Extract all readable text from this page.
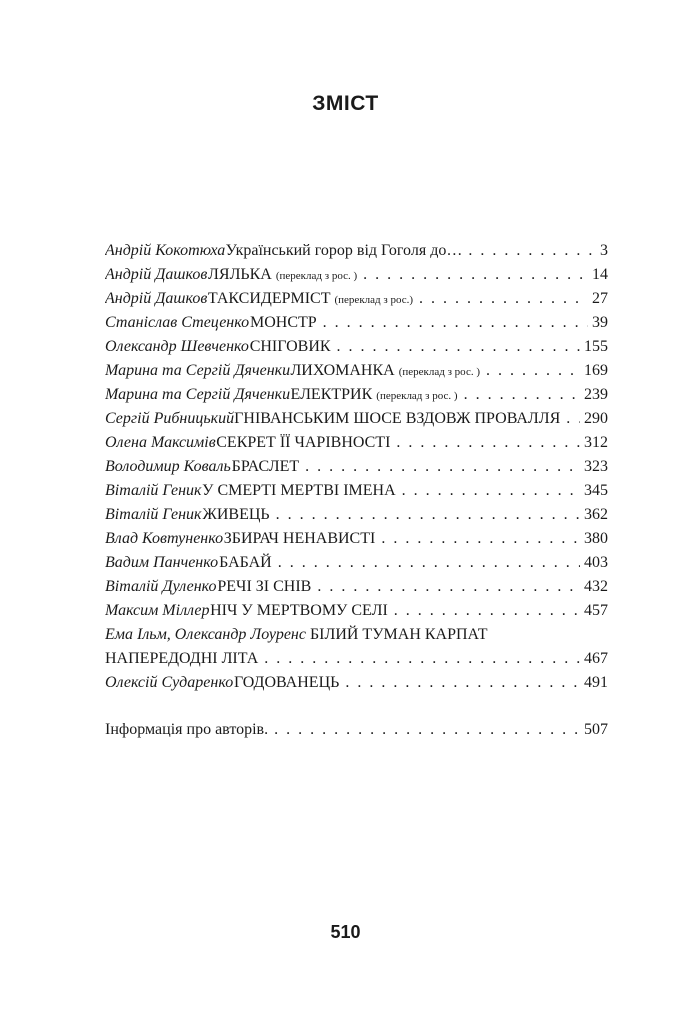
ЗМІСТ
Андрій Кокотюха Український горор від Гоголя до… . . .	3
Андрій Дашков ЛЯЛЬКА (переклад з рос. ) . . .	14
Андрій Дашков ТАКСИДЕРМІСТ (переклад з рос.) . . .	27
Станіслав Стеценко МОНСТР . . .	39
Олександр Шевченко СНІГОВИК . . .	155
Марина та Сергій Дяченки ЛИХОМАНКА (переклад з рос. ) . . .	169
Марина та Сергій Дяченки ЕЛЕКТРИК (переклад з рос. ) . . .	239
Сергій Рибницький ГНІВАНСЬКИМ ШОСЕ ВЗДОВЖ ПРОВАЛЛЯ . . . 290
Олена Максимів СЕКРЕТ ЇЇ ЧАРІВНОСТІ . . .	312
Володимир Коваль БРАСЛЕТ . . .	323
Віталій Геник У СМЕРТІ МЕРТВІ ІМЕНА . . .	345
Віталій Геник ЖИВЕЦЬ . . .	362
Влад Ковтуненко ЗБИРАЧ НЕНАВИСТІ . . .	380
Вадим Панченко БАБАЙ . . .	403
Віталій Дуленко РЕЧІ ЗІ СНІВ . . .	432
Максим Міллер НІЧ У МЕРТВОМУ СЕЛІ . . .	457
Ема Ільм, Олександр Лоуренс БІЛИЙ ТУМАН КАРПАТ
НАПЕРЕДОДНІ ЛІТА . . .	467
Олексій Сударенко ГОДОВАНЕЦЬ . . .	491
Інформація про авторів. . . .	507
510
